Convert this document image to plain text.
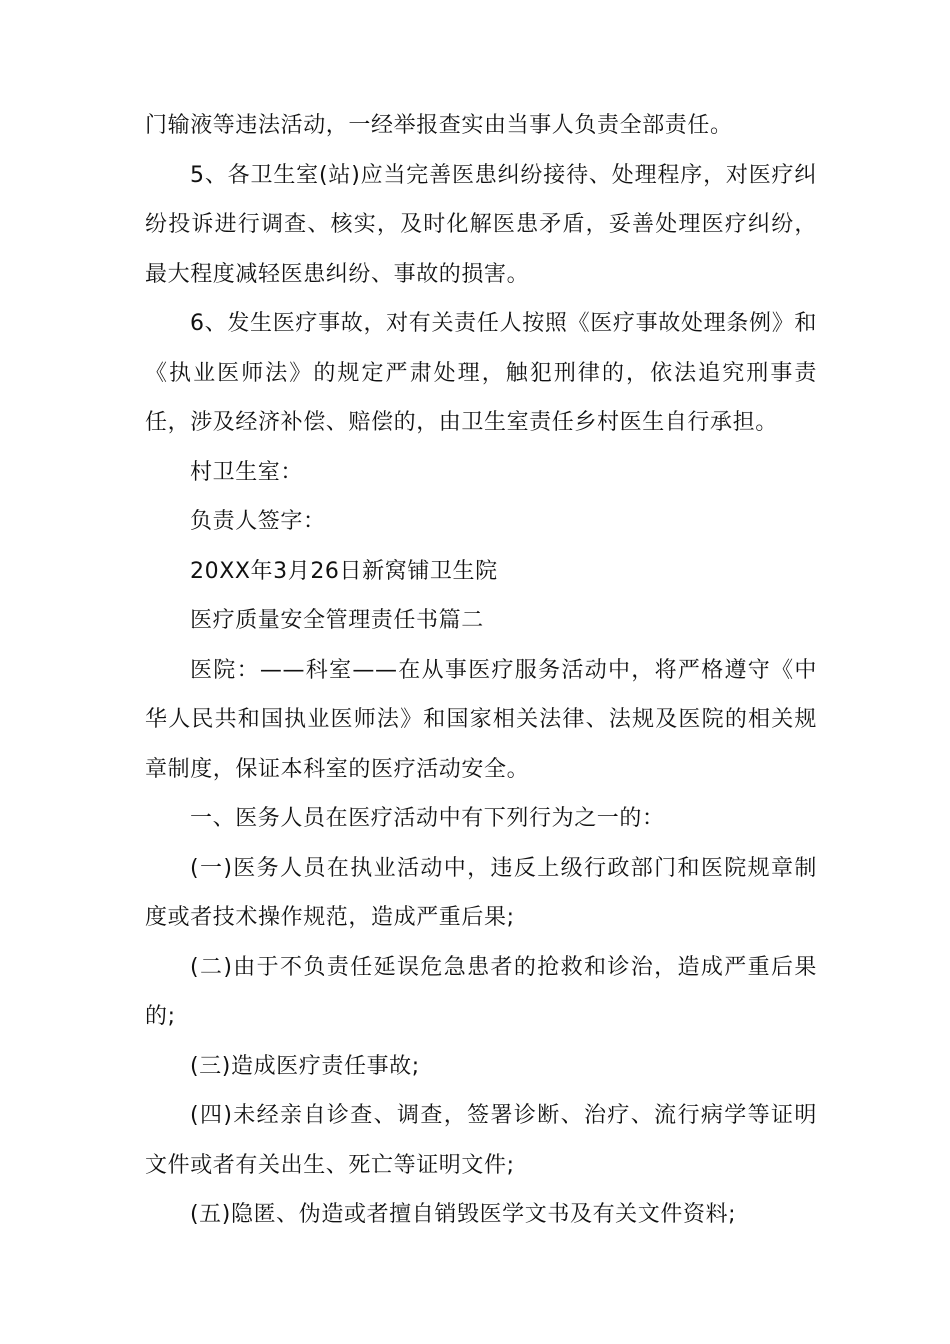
门输液等违法活动，一经举报查实由当事人负责全部责任。

5、各卫生室(站)应当完善医患纠纷接待、处理程序，对医疗纠纷投诉进行调查、核实，及时化解医患矛盾，妥善处理医疗纠纷，最大程度减轻医患纠纷、事故的损害。

6、发生医疗事故，对有关责任人按照《医疗事故处理条例》和《执业医师法》的规定严肃处理，触犯刑律的，依法追究刑事责任，涉及经济补偿、赔偿的，由卫生室责任乡村医生自行承担。

村卫生室：

负责人签字：

20XX年3月26日新窝铺卫生院

医疗质量安全管理责任书篇二

医院：——科室——在从事医疗服务活动中，将严格遵守《中华人民共和国执业医师法》和国家相关法律、法规及医院的相关规章制度，保证本科室的医疗活动安全。

一、医务人员在医疗活动中有下列行为之一的：

(一)医务人员在执业活动中，违反上级行政部门和医院规章制度或者技术操作规范，造成严重后果;

(二)由于不负责任延误危急患者的抢救和诊治，造成严重后果的;

(三)造成医疗责任事故;

(四)未经亲自诊查、调查，签署诊断、治疗、流行病学等证明文件或者有关出生、死亡等证明文件;

(五)隐匿、伪造或者擅自销毁医学文书及有关文件资料;
